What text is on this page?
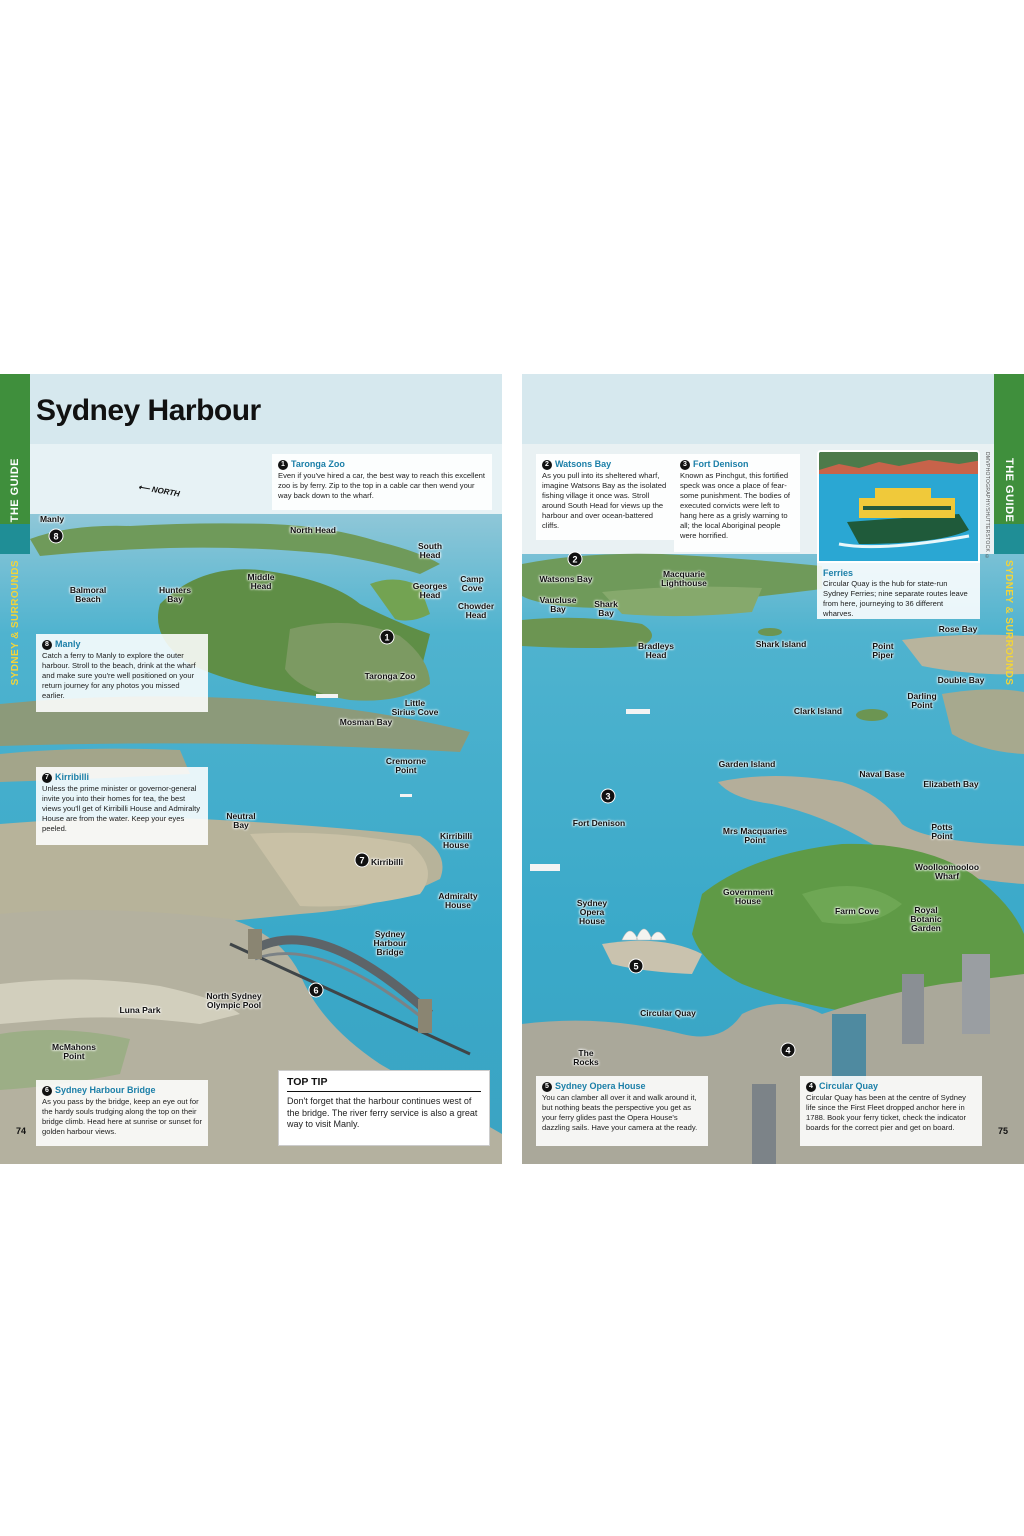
Sydney Harbour
⟵ NORTH
Manly
North Head
South
Head
Balmoral
Beach
Hunters
Bay
Middle
Head	Georges
Head
Camp
Cove
Chowder
Head
Taronga Zoo
Little
Sirius Cove
Mosman Bay
Cremorne
Point
Neutral
Bay
Kirribilli
Kirribilli
House
Admiralty
House
Sydney
Harbour
Bridge
Luna Park
North Sydney
Olympic Pool
McMahons
Point
8
1
7
6
1 Taronga Zoo
Even if you've hired a car, the best way to reach this excellent zoo is by ferry. Zip to the top in a cable car then wend your way back down to the wharf.
8 Manly
Catch a ferry to Manly to explore the outer harbour. Stroll to the beach, drink at the wharf and make sure you're well positioned on your return journey for any photos you missed earlier.
7 Kirribilli
Unless the prime minister or governor-general invite you into their homes for tea, the best views you'll get of Kirribilli House and Admiralty House are from the water. Keep your eyes peeled.
6 Sydney Harbour Bridge
As you pass by the bridge, keep an eye out for the hardy souls trudging along the top on their bridge climb. Head here at sunrise or sunset for golden harbour views.
TOP TIP
Don't forget that the harbour continues west of the bridge. The river ferry service is also a great way to visit Manly.
THE GUIDE
SYDNEY & SURROUNDS
74
DMVPHOTOGRAPHY/SHUTTERSTOCK ©
Watsons Bay
Vaucluse
Bay	Shark
Bay
Macquarie
Lighthouse
Bradleys
Head
Shark Island	Point
Piper
Rose Bay
Double Bay
Darling
Point
Clark Island
Garden Island
Naval Base
Elizabeth Bay
Fort Denison
Mrs Macquaries
Point
Potts
Point
Woolloomooloo
Wharf
Government
House
Farm Cove	Royal
Botanic
Garden
Sydney
Opera
House
Circular Quay
The
Rocks
2
3
4
5
2 Watsons Bay
As you pull into its sheltered wharf, imagine Watsons Bay as the isolated fishing village it once was. Stroll around South Head for views up the harbour and over ocean-battered cliffs.
3 Fort Denison
Known as Pinchgut, this fortified speck was once a place of fear-some punishment. The bodies of executed convicts were left to hang here as a grisly warning to all; the local Aboriginal people were horrified.
Ferries
Circular Quay is the hub for state-run Sydney Ferries; nine separate routes leave from here, journeying to 36 different wharves.
5 Sydney Opera House
You can clamber all over it and walk around it, but nothing beats the perspective you get as your ferry glides past the Opera House's dazzling sails. Have your camera at the ready.
4 Circular Quay
Circular Quay has been at the centre of Sydney life since the First Fleet dropped anchor here in 1788. Book your ferry ticket, check the indicator boards for the correct pier and get on board.
THE GUIDE
SYDNEY & SURROUNDS
75
